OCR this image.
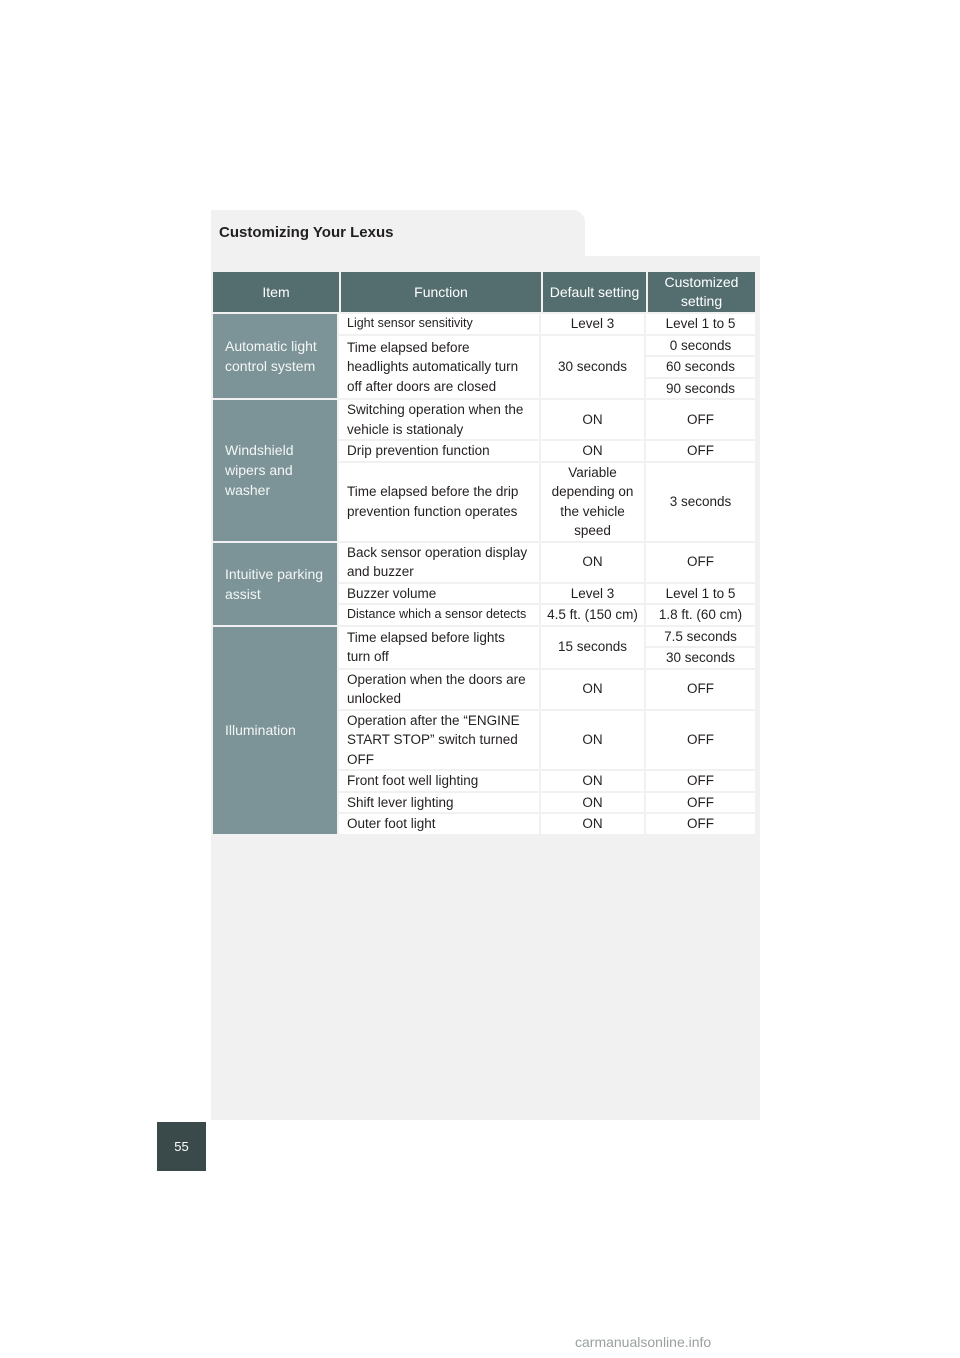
Customizing Your Lexus
Item	Function	Default setting	Customized setting
Automatic light control system	Light sensor sensitivity	Level 3	Level 1 to 5
	Time elapsed before headlights automatically turn off after doors are closed	30 seconds	0 seconds
			60 seconds
			90 seconds
Windshield wipers and washer	Switching operation when the vehicle is stationaly	ON	OFF
	Drip prevention function	ON	OFF
	Time elapsed before the drip prevention function operates	Variable depending on the vehicle speed	3 seconds
Intuitive parking assist	Back sensor operation display and buzzer	ON	OFF
	Buzzer volume	Level 3	Level 1 to 5
	Distance which a sensor detects	4.5 ft. (150 cm)	1.8 ft. (60 cm)
Illumination	Time elapsed before lights turn off	15 seconds	7.5 seconds
			30 seconds
	Operation when the doors are unlocked	ON	OFF
	Operation after the “ENGINE START STOP” switch turned OFF	ON	OFF
	Front foot well lighting	ON	OFF
	Shift lever lighting	ON	OFF
	Outer foot light	ON	OFF
55
carmanualsonline.info
